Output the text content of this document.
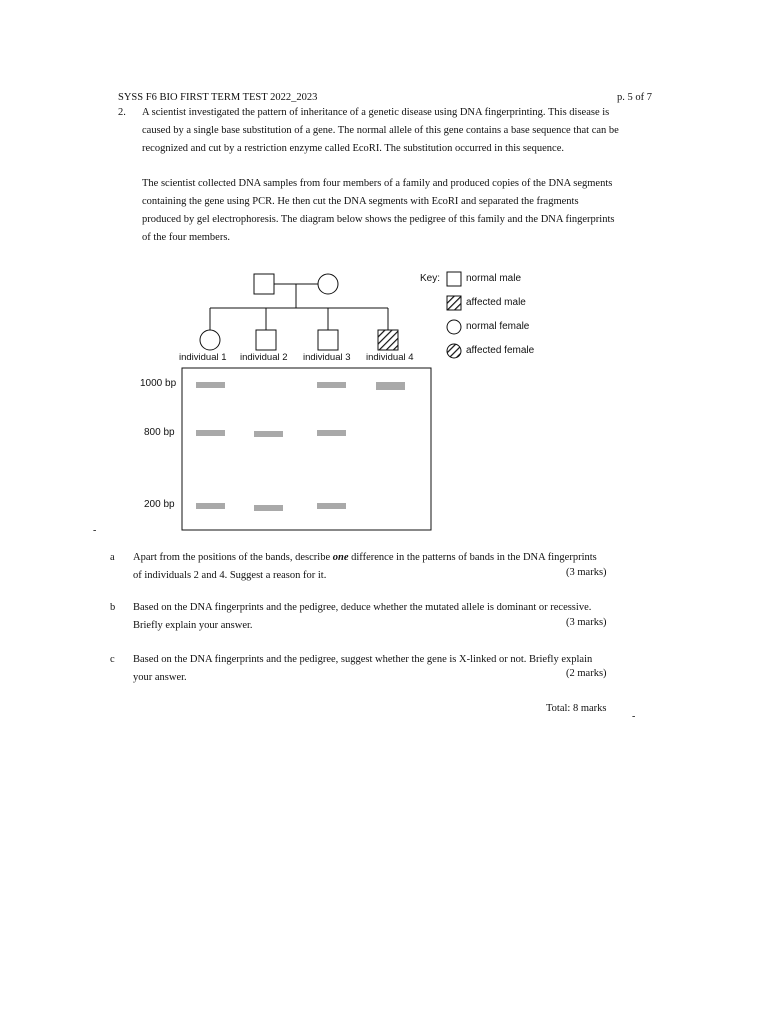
SYSS F6 BIO FIRST TERM TEST 2022_2023	p. 5 of 7
2. A scientist investigated the pattern of inheritance of a genetic disease using DNA fingerprinting. This disease is
caused by a single base substitution of a gene. The normal allele of this gene contains a base sequence that can be
recognized and cut by a restriction enzyme called EcoRI. The substitution occurred in this sequence.
The scientist collected DNA samples from four members of a family and produced copies of the DNA segments
containing the gene using PCR. He then cut the DNA segments with EcoRI and separated the fragments
produced by gel electrophoresis. The diagram below shows the pedigree of this family and the DNA fingerprints
of the four members.
individual 1 individual 2 individual 3 individual 4
1000 bp
800 bp
200 bp
Key:	normal male
affected male
normal female
affected female
-
-
a Apart from the positions of the bands, describe one difference in the patterns of bands in the DNA fingerprints
of individuals 2 and 4. Suggest a reason for it.	(3 marks)
b Based on the DNA fingerprints and the pedigree, deduce whether the mutated allele is dominant or recessive.
Briefly explain your answer.	(3 marks)
c Based on the DNA fingerprints and the pedigree, suggest whether the gene is X-linked or not. Briefly explain
your answer.	(2 marks)
Total: 8 marks
